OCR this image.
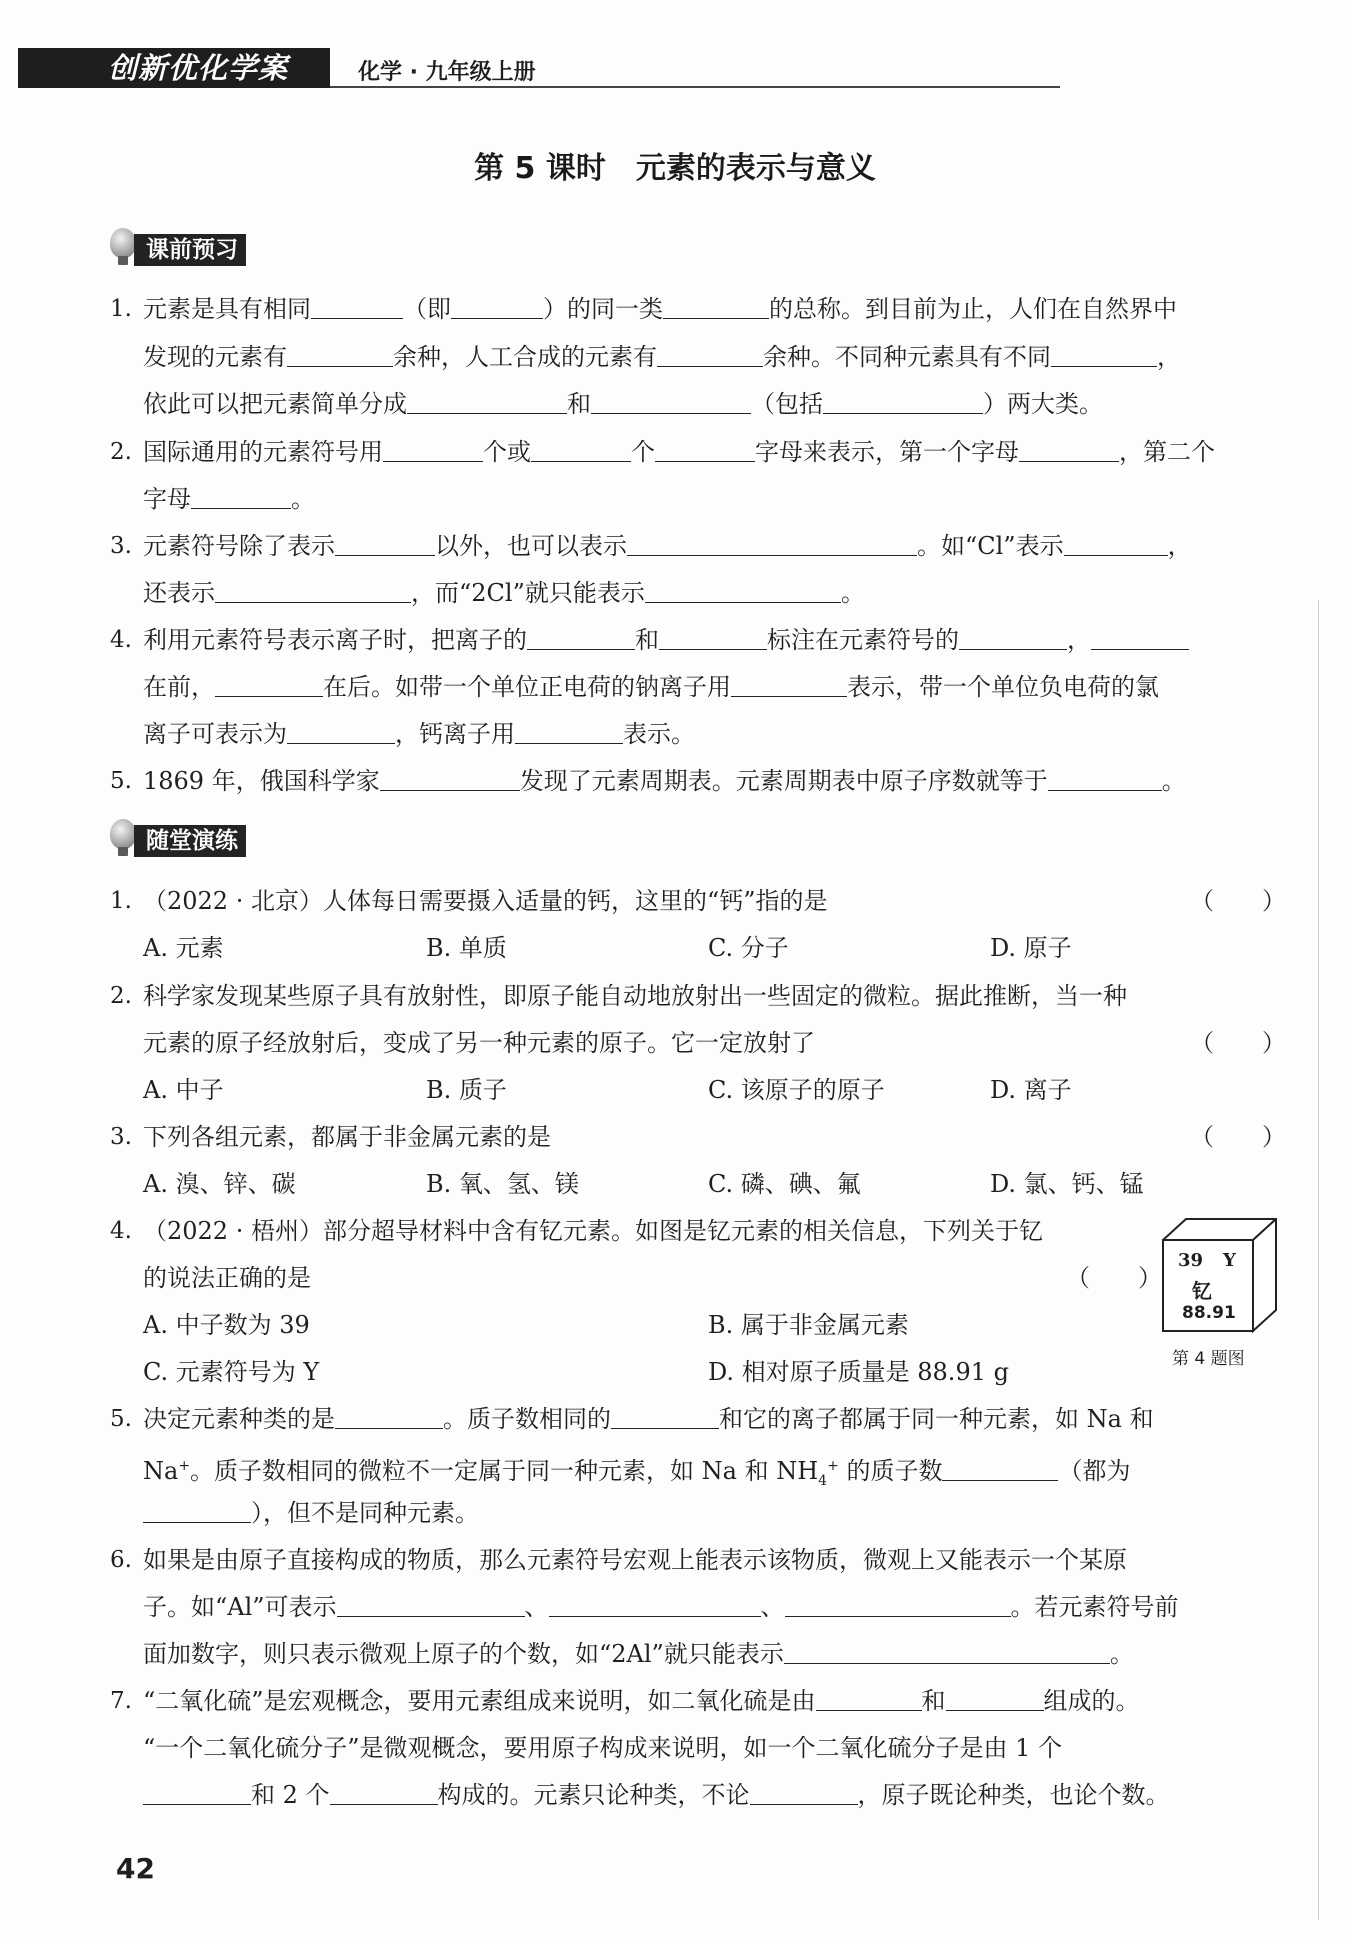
创新优化学案	化学 · 九年级上册
第 5 课时　元素的表示与意义
课前预习
1. 元素是具有相同	（即	）的同一类	的总称。到目前为止，人们在自然界中
发现的元素有	余种，人工合成的元素有	余种。不同种元素具有不同	，
依此可以把元素简单分成	和	（包括	）两大类。
2. 国际通用的元素符号用	个或	个	字母来表示，第一个字母	，第二个
字母	。
3. 元素符号除了表示	以外，也可以表示	。如“Cl”表示	，
还表示	，而“2Cl”就只能表示	。
4. 利用元素符号表示离子时，把离子的	和	标注在元素符号的	，
在前，	在后。如带一个单位正电荷的钠离子用	表示，带一个单位负电荷的氯
离子可表示为	，钙离子用	表示。
5. 1869 年，俄国科学家	发现了元素周期表。元素周期表中原子序数就等于	。
随堂演练
1. （2022 · 北京）人体每日需要摄入适量的钙，这里的“钙”指的是	（　　）
A. 元素	B. 单质	C. 分子	D. 原子
2. 科学家发现某些原子具有放射性，即原子能自动地放射出一些固定的微粒。据此推断，当一种
元素的原子经放射后，变成了另一种元素的原子。它一定放射了	（　　）
A. 中子	B. 质子	C. 该原子的原子	D. 离子
3. 下列各组元素，都属于非金属元素的是	（　　）
A. 溴、锌、碳	B. 氧、氢、镁	C. 磷、碘、氟	D. 氯、钙、锰
4. （2022 · 梧州）部分超导材料中含有钇元素。如图是钇元素的相关信息，下列关于钇
的说法正确的是	（　　）
A. 中子数为 39	B. 属于非金属元素
C. 元素符号为 Y	D. 相对原子质量是 88.91 g
39 Y
钇
88.91
第 4 题图
5. 决定元素种类的是	。质子数相同的	和它的离子都属于同一种元素，如 Na 和
Na+。质子数相同的微粒不一定属于同一种元素，如 Na 和 $NH_4^+$ 的质子数	（都为
），但不是同种元素。
6. 如果是由原子直接构成的物质，那么元素符号宏观上能表示该物质，微观上又能表示一个某原
子。如“Al”可表示	、	、	。若元素符号前
面加数字，则只表示微观上原子的个数，如“2Al”就只能表示	。
7. “二氧化硫”是宏观概念，要用元素组成来说明，如二氧化硫是由	和	组成的。
“一个二氧化硫分子”是微观概念，要用原子构成来说明，如一个二氧化硫分子是由 1 个
和 2 个	构成的。元素只论种类，不论	，原子既论种类，也论个数。
42
